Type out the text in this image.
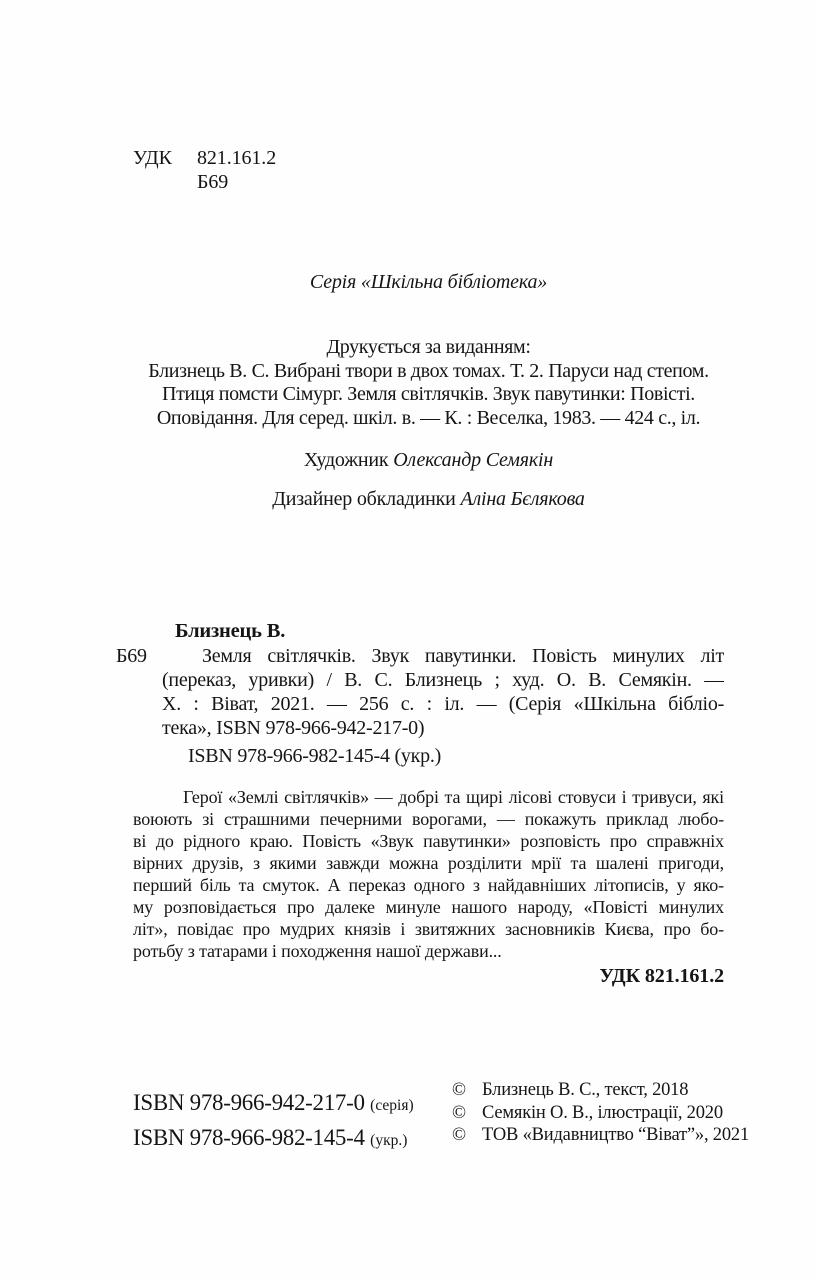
УДК	821.161.2
Б69
Серія «Шкільна бібліотека»
Друкується за виданням:
Близнець В. С. Вибрані твори в двох томах. Т. 2. Паруси над степом.
Птиця помсти Сімург. Земля світлячків. Звук павутинки: Повісті.
Оповідання. Для серед. шкіл. в. — К. : Веселка, 1983. — 424 с., іл.
Художник Олександр Семякін
Дизайнер обкладинки Аліна Бєлякова
Близнець В.
Б69	Земля світлячків. Звук павутинки. Повість минулих літ
(переказ, уривки) / В. С. Близнець ; худ. О. В. Семякін. —
Х. : Віват, 2021. — 256 с. : іл. — (Серія «Шкільна бібліо-
тека», ISBN 978-966-942-217-0)
ISBN 978-966-982-145-4 (укр.)
Герої «Землі світлячків» — добрі та щирі лісові стовуси і тривуси, які
воюють зі страшними печерними ворогами, — покажуть приклад любо-
ві до рідного краю. Повість «Звук павутинки» розповість про справжніх
вірних друзів, з якими завжди можна розділити мрії та шалені пригоди,
перший біль та смуток. А переказ одного з найдавніших літописів, у яко-
му розповідається про далеке минуле нашого народу, «Повісті минулих
літ», повідає про мудрих князів і звитяжних засновників Києва, про бо-
ротьбу з татарами і походження нашої держави...
УДК 821.161.2
ISBN 978-966-942-217-0 (серія)
ISBN 978-966-982-145-4 (укр.)
© Близнець В. С., текст, 2018
© Семякін О. В., ілюстрації, 2020
© ТОВ «Видавництво “Віват”», 2021
